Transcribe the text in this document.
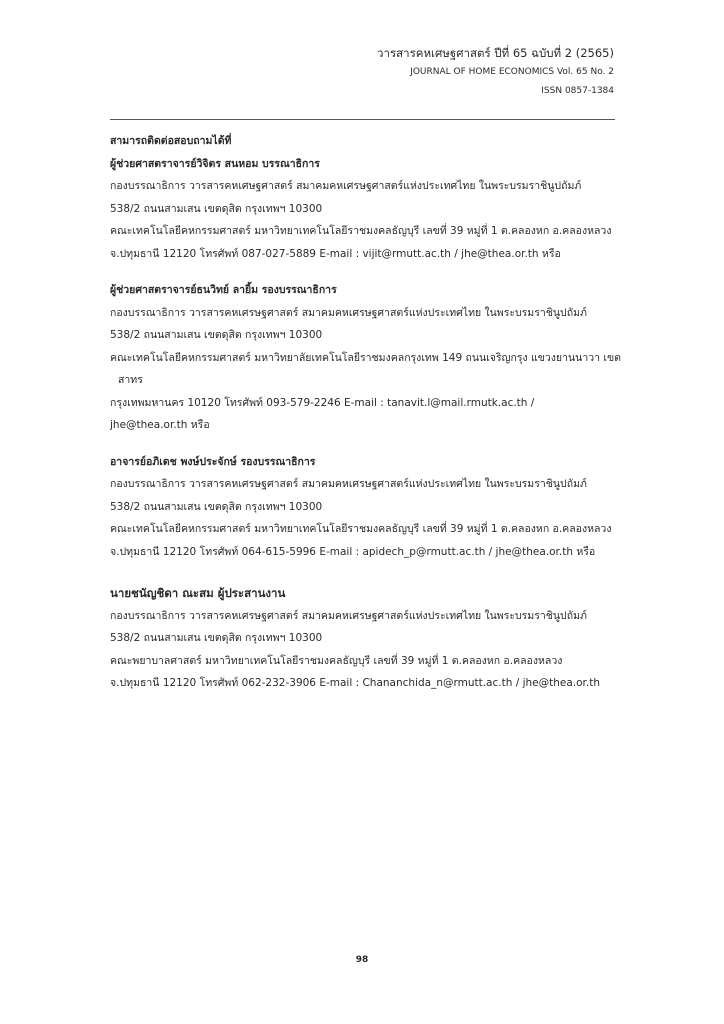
วารสารคหเศษฐศาสตร์ ปีที่ 65 ฉบับที่ 2 (2565)
JOURNAL OF HOME ECONOMICS Vol. 65 No. 2
ISSN 0857-1384
สามารถติดต่อสอบถามได้ที่
ผู้ช่วยศาสตราจารย์วิจิตร สนหอม บรรณาธิการ
กองบรรณาธิการ วารสารคหเศษฐศาสตร์ สมาคมคหเศรษฐศาสตร์แห่งประเทศไทย ในพระบรมราชินูปถัมภ์
538/2 ถนนสามเสน เขตดุสิต กรุงเทพฯ 10300
คณะเทคโนโลยีคหกรรมศาสตร์ มหาวิทยาเทคโนโลยีราชมงคลธัญบุรี เลขที่ 39 หมู่ที่ 1 ต.คลองหก อ.คลองหลวง
จ.ปทุมธานี 12120 โทรศัพท์ 087-027-5889 E-mail : vijit@rmutt.ac.th / jhe@thea.or.th หรือ
ผู้ช่วยศาสตราจารย์ธนวิทย์ ลายิ้ม รองบรรณาธิการ
กองบรรณาธิการ วารสารคหเศรษฐศาสตร์ สมาคมคหเศรษฐศาสตร์แห่งประเทศไทย ในพระบรมราชินูปถัมภ์
538/2 ถนนสามเสน เขตดุสิต กรุงเทพฯ 10300
คณะเทคโนโลยีคหกรรมศาสตร์ มหาวิทยาลัยเทคโนโลยีราชมงคลกรุงเทพ 149 ถนนเจริญกรุง แขวงยานนาวา เขต
สาทร
กรุงเทพมหานคร 10120 โทรศัพท์ 093-579-2246 E-mail : tanavit.l@mail.rmutk.ac.th /
jhe@thea.or.th หรือ
อาจารย์อภิเดช พงษ์ประจักษ์ รองบรรณาธิการ
กองบรรณาธิการ วารสารคหเศรษฐศาสตร์ สมาคมคหเศรษฐศาสตร์แห่งประเทศไทย ในพระบรมราชินูปถัมภ์
538/2 ถนนสามเสน เขตดุสิต กรุงเทพฯ 10300
คณะเทคโนโลยีคหกรรมศาสตร์ มหาวิทยาเทคโนโลยีราชมงคลธัญบุรี เลขที่ 39 หมู่ที่ 1 ต.คลองหก อ.คลองหลวง
จ.ปทุมธานี 12120 โทรศัพท์ 064-615-5996 E-mail : apidech_p@rmutt.ac.th / jhe@thea.or.th หรือ
นายชนัญชิดา ณะสม ผู้ประสานงาน
กองบรรณาธิการ วารสารคหเศรษฐศาสตร์ สมาคมคหเศรษฐศาสตร์แห่งประเทศไทย ในพระบรมราชินูปถัมภ์
538/2 ถนนสามเสน เขตดุสิต กรุงเทพฯ 10300
คณะพยาบาลศาสตร์ มหาวิทยาเทคโนโลยีราชมงคลธัญบุรี เลขที่ 39 หมู่ที่ 1 ต.คลองหก อ.คลองหลวง
จ.ปทุมธานี 12120 โทรศัพท์ 062-232-3906 E-mail : Chananchida_n@rmutt.ac.th / jhe@thea.or.th
98
